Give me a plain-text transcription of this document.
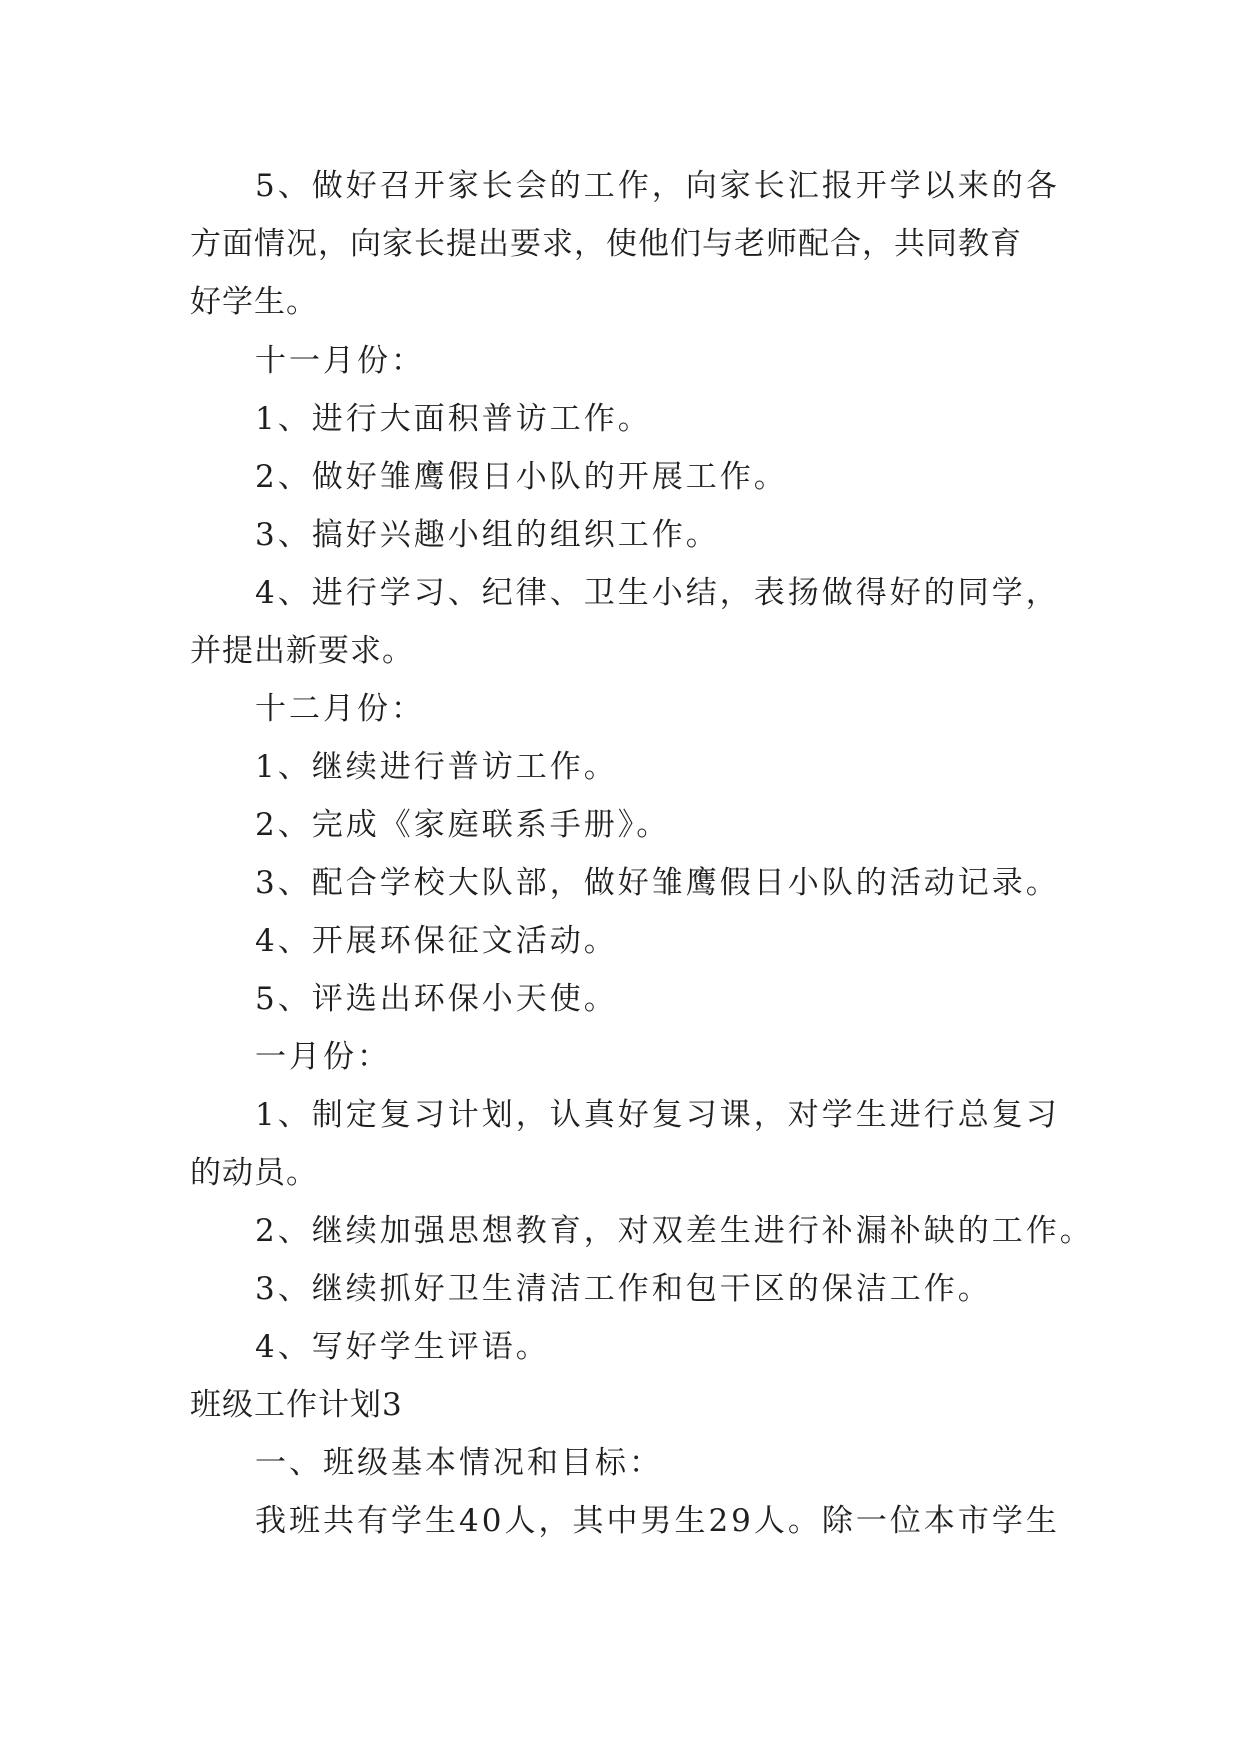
5、做好召开家长会的工作，向家长汇报开学以来的各
方面情况，向家长提出要求，使他们与老师配合，共同教育
好学生。
十一月份：
1、进行大面积普访工作。
2、做好雏鹰假日小队的开展工作。
3、搞好兴趣小组的组织工作。
4、进行学习、纪律、卫生小结，表扬做得好的同学，
并提出新要求。
十二月份：
1、继续进行普访工作。
2、完成《家庭联系手册》。
3、配合学校大队部，做好雏鹰假日小队的活动记录。
4、开展环保征文活动。
5、评选出环保小天使。
一月份：
1、制定复习计划，认真好复习课，对学生进行总复习
的动员。
2、继续加强思想教育，对双差生进行补漏补缺的工作。
3、继续抓好卫生清洁工作和包干区的保洁工作。
4、写好学生评语。
班级工作计划3
一、班级基本情况和目标：
我班共有学生40人，其中男生29人。除一位本市学生
